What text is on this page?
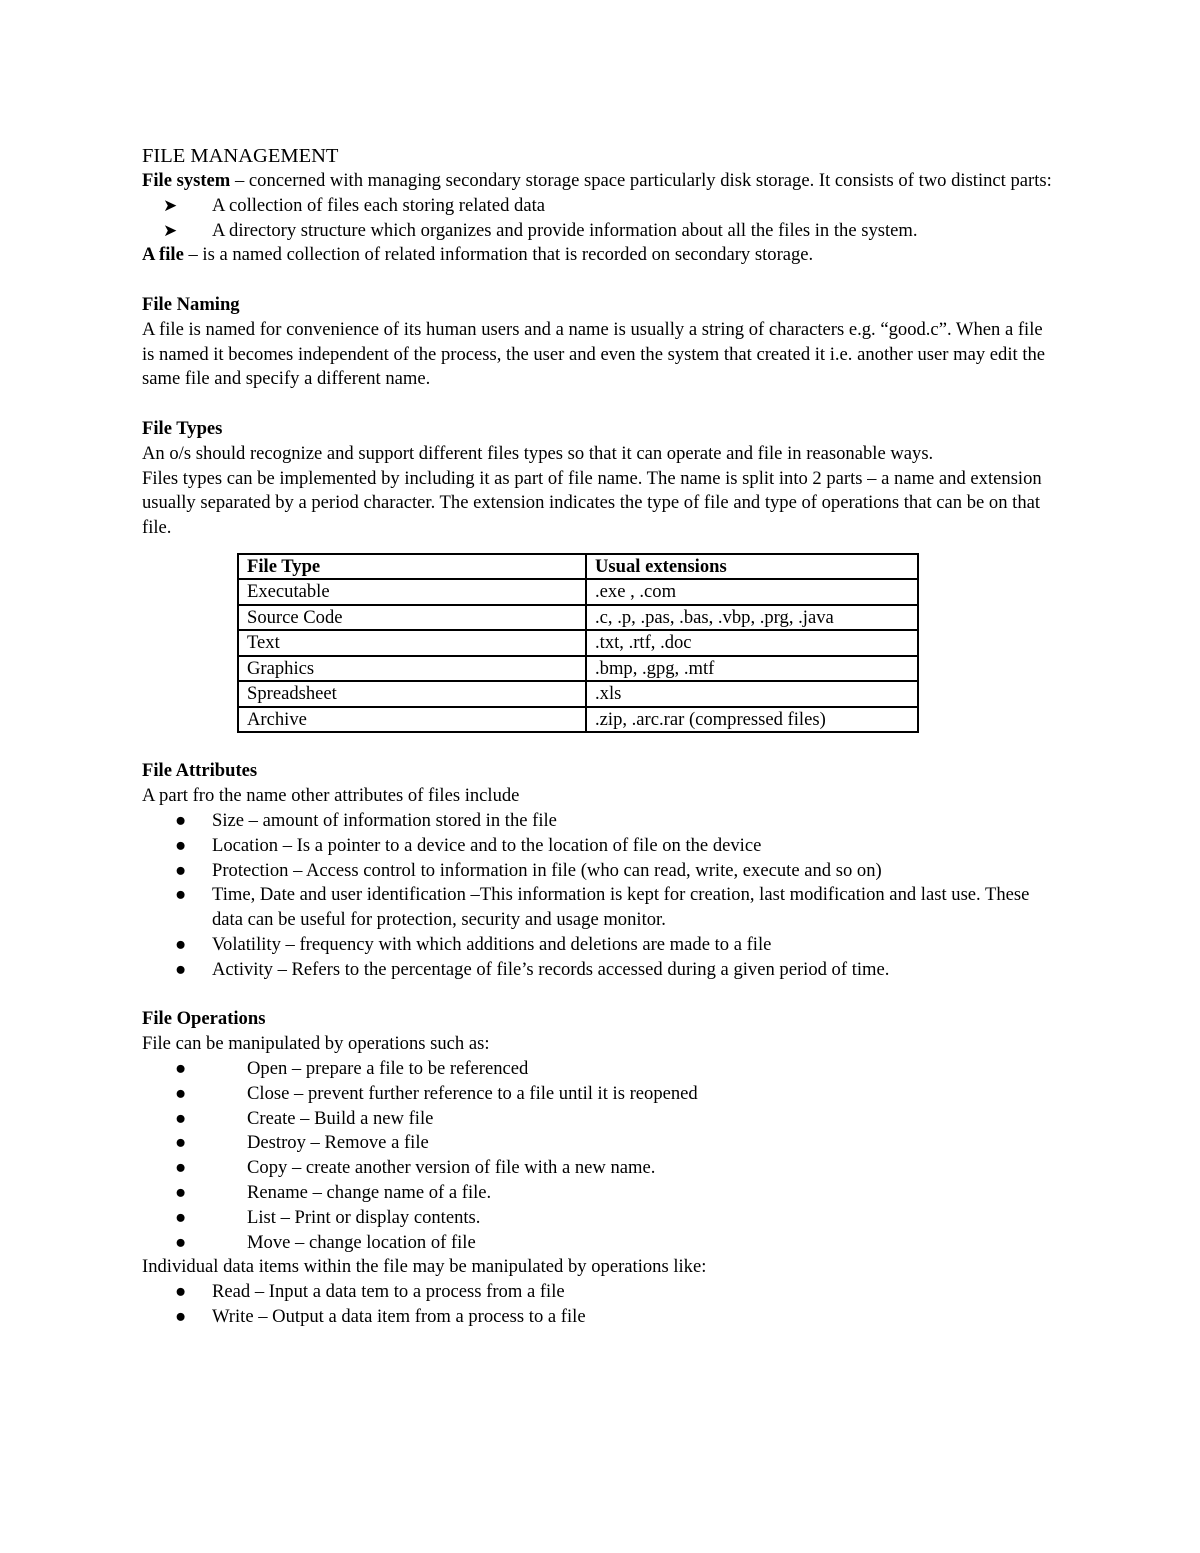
FILE MANAGEMENT

File system – concerned with managing secondary storage space particularly disk storage. It consists of two distinct parts:

➤ A collection of files each storing related data
➤ A directory structure which organizes and provide information about all the files in the system.

A file – is a named collection of related information that is recorded on secondary storage.

File Naming

A file is named for convenience of its human users and a name is usually a string of characters e.g. “good.c”. When a file is named it becomes independent of the process, the user and even the system that created it i.e. another user may edit the same file and specify a different name.

File Types

An o/s should recognize and support different files types so that it can operate and file in reasonable ways.

Files types can be implemented by including it as part of file name. The name is split into 2 parts – a name and extension usually separated by a period character. The extension indicates the type of file and type of operations that can be on that file.

File Type	Usual extensions
Executable	.exe , .com
Source Code	.c, .p, .pas, .bas, .vbp, .prg, .java
Text	.txt, .rtf, .doc
Graphics	.bmp, .gpg, .mtf
Spreadsheet	.xls
Archive	.zip, .arc.rar (compressed files)

File Attributes

A part fro the name other attributes of files include

● Size – amount of information stored in the file
● Location – Is a pointer to a device and to the location of file on the device
● Protection – Access control to information in file (who can read, write, execute and so on)
● Time, Date and user identification –This information is kept for creation, last modification and last use. These data can be useful for protection, security and usage monitor.
● Volatility – frequency with which additions and deletions are made to a file
● Activity – Refers to the percentage of file’s records accessed during a given period of time.

File Operations

File can be manipulated by operations such as:

●	Open – prepare a file to be referenced
●	Close – prevent further reference to a file until it is reopened
●	Create – Build a new file
●	Destroy – Remove a file
●	Copy – create another version of file with a new name.
●	Rename – change name of a file.
●	List – Print or display contents.
●	Move – change location of file

Individual data items within the file may be manipulated by operations like:

● Read – Input a data tem to a process from a file
● Write – Output a data item from a process to a file
